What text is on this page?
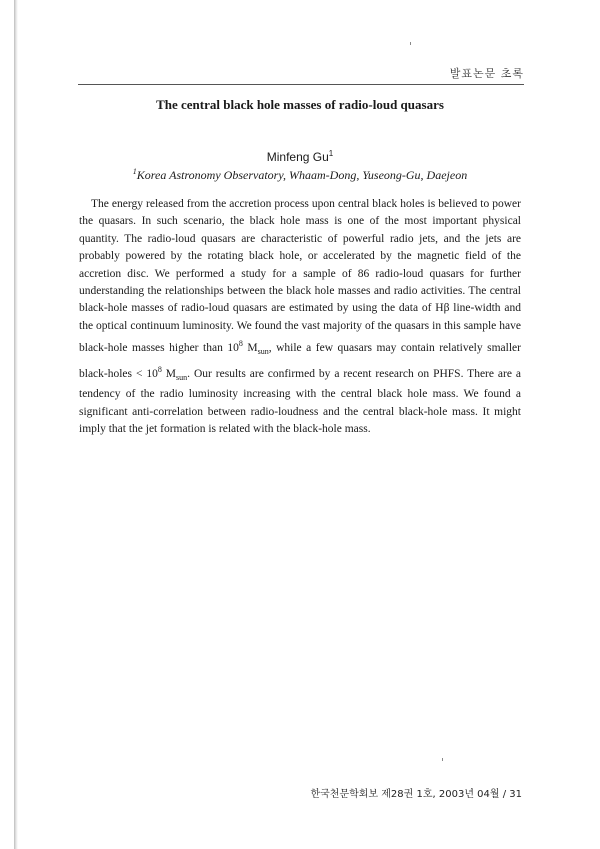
발표논문 초록
The central black hole masses of radio-loud quasars
Minfeng Gu$^1$
$^1$Korea Astronomy Observatory, Whaam-Dong, Yuseong-Gu, Daejeon

The energy released from the accretion process upon central black holes is believed to power the quasars. In such scenario, the black hole mass is one of the most important physical quantity. The radio-loud quasars are characteristic of powerful radio jets, and the jets are probably powered by the rotating black hole, or accelerated by the magnetic field of the accretion disc. We performed a study for a sample of 86 radio-loud quasars for further understanding the relationships between the black hole masses and radio activities. The central black-hole masses of radio-loud quasars are estimated by using the data of Hβ line-width and the optical continuum luminosity. We found the vast majority of the quasars in this sample have black-hole masses higher than $10^8$ $M_{sun}$, while a few quasars may contain relatively smaller black-holes < $10^8$ $M_{sun}$. Our results are confirmed by a recent research on PHFS. There are a tendency of the radio luminosity increasing with the central black hole mass. We found a significant anti-correlation between radio-loudness and the central black-hole mass. It might imply that the jet formation is related with the black-hole mass.

한국천문학회보 제28권 1호, 2003년 04월 / 31
